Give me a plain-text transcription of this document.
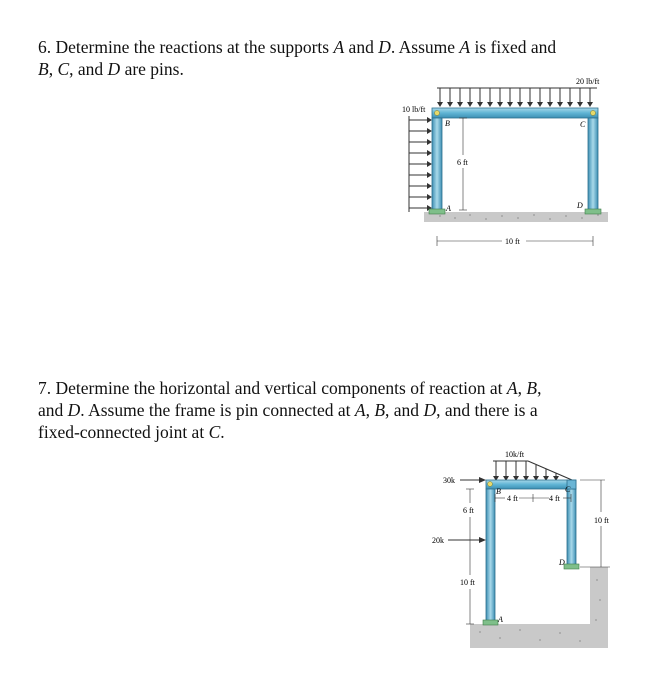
6. Determine the reactions at the supports A and D. Assume A is fixed and
B, C, and D are pins.
20 lb/ft
10 lb/ft
B	C
A	D
6 ft
10 ft
7. Determine the horizontal and vertical components of reaction at A, B,
and D. Assume the frame is pin connected at A, B, and D, and there is a
fixed-connected joint at C.
10k/ft
30k
20k
6 ft
10 ft
4 ft	4 ft
10 ft
B	C
D
A
